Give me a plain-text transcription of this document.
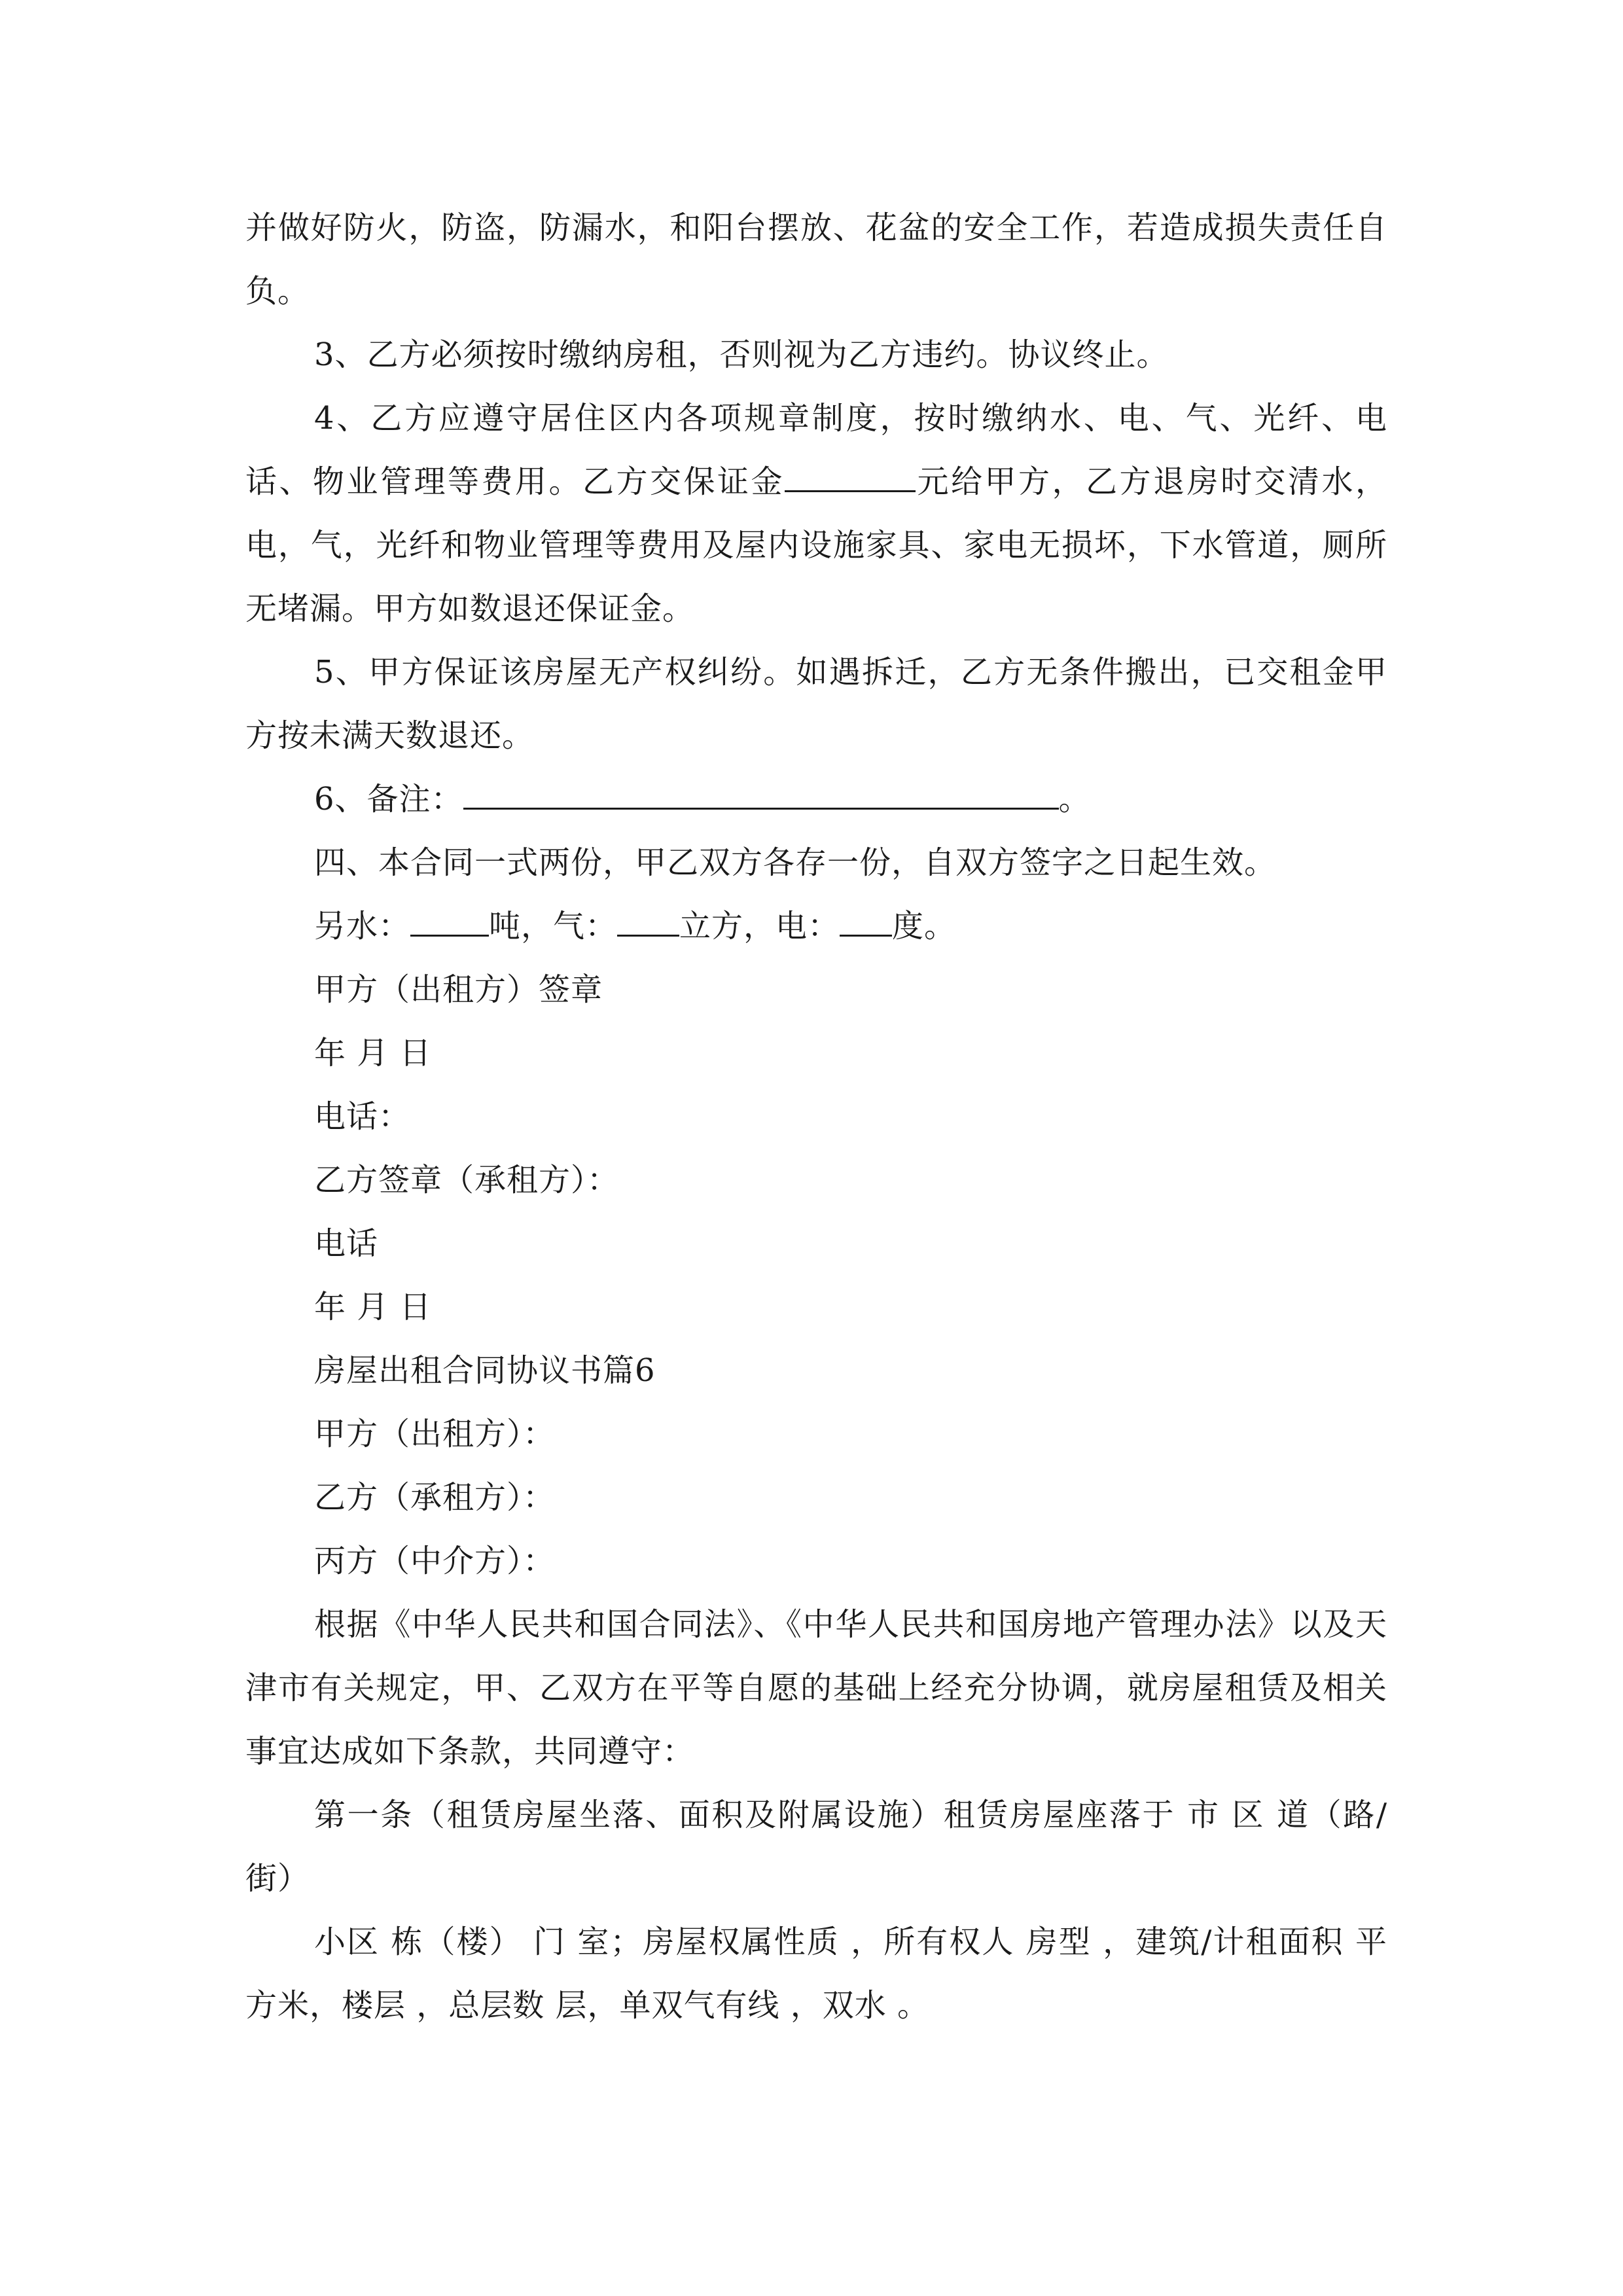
并做好防火，防盗，防漏水，和阳台摆放、花盆的安全工作，若造成损失责任自负。

3、乙方必须按时缴纳房租，否则视为乙方违约。协议终止。

4、乙方应遵守居住区内各项规章制度，按时缴纳水、电、气、光纤、电话、物业管理等费用。乙方交保证金	元给甲方，乙方退房时交清水，电，气，光纤和物业管理等费用及屋内设施家具、家电无损坏，下水管道，厕所无堵漏。甲方如数退还保证金。

5、甲方保证该房屋无产权纠纷。如遇拆迁，乙方无条件搬出，已交租金甲方按未满天数退还。

6、备注：	。

四、本合同一式两份，甲乙双方各存一份，自双方签字之日起生效。

另水：	吨，气： 立方，电： 度。

甲方（出租方）签章

年 月 日

电话：

乙方签章（承租方）：

电话

年 月 日

房屋出租合同协议书篇6

甲方（出租方）：

乙方（承租方）：

丙方（中介方）：

根据《中华人民共和国合同法》、《中华人民共和国房地产管理办法》以及天津市有关规定，甲、乙双方在平等自愿的基础上经充分协调，就房屋租赁及相关事宜达成如下条款，共同遵守：

第一条（租赁房屋坐落、面积及附属设施）租赁房屋座落于 市 区 道（路/街）

小区 栋（楼） 门 室；房屋权属性质 ，所有权人 房型 ，建筑/计租面积 平方米，楼层 ，总层数 层，单双气有线 ，双水 。
